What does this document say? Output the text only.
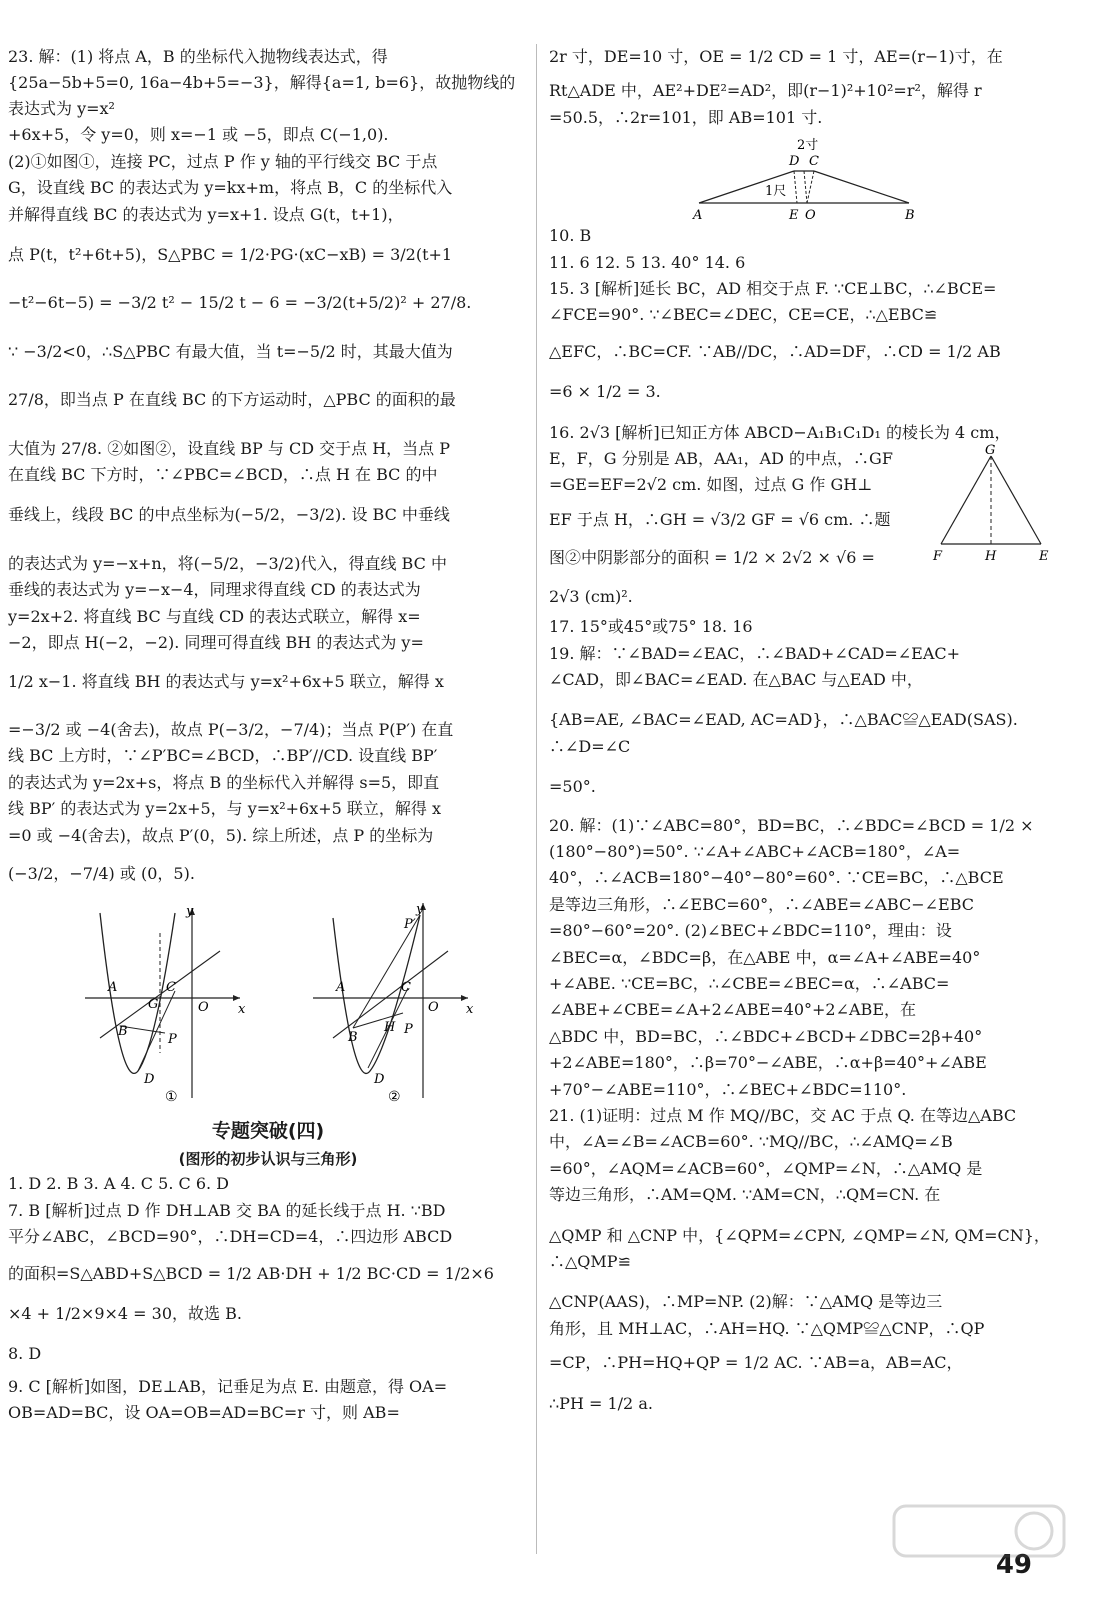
23. 解：(1) 将点 A，B 的坐标代入抛物线表达式，得

{25a−5b+5=0, 16a−4b+5=−3}，解得{a=1, b=6}，故抛物线的表达式为 y=x²

+6x+5，令 y=0，则 x=−1 或 −5，即点 C(−1,0).

(2)①如图①，连接 PC，过点 P 作 y 轴的平行线交 BC 于点

G，设直线 BC 的表达式为 y=kx+m，将点 B，C 的坐标代入

并解得直线 BC 的表达式为 y=x+1. 设点 G(t，t+1)，

点 P(t，t²+6t+5)，S△PBC = 1/2·PG·(xC−xB) = 3/2(t+1

−t²−6t−5) = −3/2 t² − 15/2 t − 6 = −3/2(t+5/2)² + 27/8.

∵ −3/2<0，∴S△PBC 有最大值，当 t=−5/2 时，其最大值为

27/8，即当点 P 在直线 BC 的下方运动时，△PBC 的面积的最

大值为 27/8. ②如图②，设直线 BP 与 CD 交于点 H，当点 P

在直线 BC 下方时，∵∠PBC=∠BCD，∴点 H 在 BC 的中

垂线上，线段 BC 的中点坐标为(−5/2，−3/2). 设 BC 中垂线

的表达式为 y=−x+n，将(−5/2，−3/2)代入，得直线 BC 中

垂线的表达式为 y=−x−4，同理求得直线 CD 的表达式为

y=2x+2. 将直线 BC 与直线 CD 的表达式联立，解得 x=

−2，即点 H(−2，−2). 同理可得直线 BH 的表达式为 y=

1/2 x−1. 将直线 BH 的表达式与 y=x²+6x+5 联立，解得 x

=−3/2 或 −4(舍去)，故点 P(−3/2，−7/4)；当点 P(P′) 在直

线 BC 上方时，∵∠P′BC=∠BCD，∴BP′//CD. 设直线 BP′

的表达式为 y=2x+s，将点 B 的坐标代入并解得 s=5，即直

线 BP′ 的表达式为 y=2x+5，与 y=x²+6x+5 联立，解得 x

=0 或 −4(舍去)，故点 P′(0，5). 综上所述，点 P 的坐标为

(−3/2，−7/4) 或 (0，5).

y
x
A	C
G	O
B
P
D
①
y
x
P′
A	C
O
B
H P
D
②
专题突破(四)
(图形的初步认识与三角形)

1. D 2. B 3. A 4. C 5. C 6. D

7. B [解析]过点 D 作 DH⊥AB 交 BA 的延长线于点 H. ∵BD

平分∠ABC，∠BCD=90°，∴DH=CD=4，∴四边形 ABCD

的面积=S△ABD+S△BCD = 1/2 AB·DH + 1/2 BC·CD = 1/2×6

×4 + 1/2×9×4 = 30，故选 B.

8. D

9. C [解析]如图，DE⊥AB，记垂足为点 E. 由题意，得 OA=

OB=AD=BC，设 OA=OB=AD=BC=r 寸，则 AB=

2r 寸，DE=10 寸，OE = 1/2 CD = 1 寸，AE=(r−1)寸，在

Rt△ADE 中，AE²+DE²=AD²，即(r−1)²+10²=r²，解得 r

=50.5，∴2r=101，即 AB=101 寸.

2寸
D C
1尺
A	E O	B

10. B

11. 6 12. 5 13. 40° 14. 6

15. 3 [解析]延长 BC，AD 相交于点 F. ∵CE⊥BC，∴∠BCE=

∠FCE=90°. ∵∠BEC=∠DEC，CE=CE，∴△EBC≌

△EFC，∴BC=CF. ∵AB//DC，∴AD=DF，∴CD = 1/2 AB

=6 × 1/2 = 3.

16. 2√3 [解析]已知正方体 ABCD−A₁B₁C₁D₁ 的棱长为 4 cm，

E，F，G 分别是 AB，AA₁，AD 的中点，∴GF

=GE=EF=2√2 cm. 如图，过点 G 作 GH⊥

EF 于点 H，∴GH = √3/2 GF = √6 cm. ∴题

图②中阴影部分的面积 = 1/2 × 2√2 × √6 =

2√3 (cm)².

G
F	H	E

17. 15°或45°或75° 18. 16

19. 解：∵∠BAD=∠EAC，∴∠BAD+∠CAD=∠EAC+

∠CAD，即∠BAC=∠EAD. 在△BAC 与△EAD 中，

{AB=AE, ∠BAC=∠EAD, AC=AD}，∴△BAC≌△EAD(SAS). ∴∠D=∠C

=50°.

20. 解：(1)∵∠ABC=80°，BD=BC，∴∠BDC=∠BCD = 1/2 ×

(180°−80°)=50°. ∵∠A+∠ABC+∠ACB=180°，∠A=

40°，∴∠ACB=180°−40°−80°=60°. ∵CE=BC，∴△BCE

是等边三角形，∴∠EBC=60°，∴∠ABE=∠ABC−∠EBC

=80°−60°=20°. (2)∠BEC+∠BDC=110°，理由：设

∠BEC=α，∠BDC=β，在△ABE 中，α=∠A+∠ABE=40°

+∠ABE. ∵CE=BC，∴∠CBE=∠BEC=α，∴∠ABC=

∠ABE+∠CBE=∠A+2∠ABE=40°+2∠ABE，在

△BDC 中，BD=BC，∴∠BDC+∠BCD+∠DBC=2β+40°

+2∠ABE=180°，∴β=70°−∠ABE，∴α+β=40°+∠ABE

+70°−∠ABE=110°，∴∠BEC+∠BDC=110°.

21. (1)证明：过点 M 作 MQ//BC，交 AC 于点 Q. 在等边△ABC

中，∠A=∠B=∠ACB=60°. ∵MQ//BC，∴∠AMQ=∠B

=60°，∠AQM=∠ACB=60°，∠QMP=∠N，∴△AMQ 是

等边三角形，∴AM=QM. ∵AM=CN，∴QM=CN. 在

△QMP 和 △CNP 中，{∠QPM=∠CPN, ∠QMP=∠N, QM=CN}，∴△QMP≌

△CNP(AAS)，∴MP=NP. (2)解：∵△AMQ 是等边三

角形，且 MH⊥AC，∴AH=HQ. ∵△QMP≌△CNP，∴QP

=CP，∴PH=HQ+QP = 1/2 AC. ∵AB=a，AB=AC，

∴PH = 1/2 a.

49
